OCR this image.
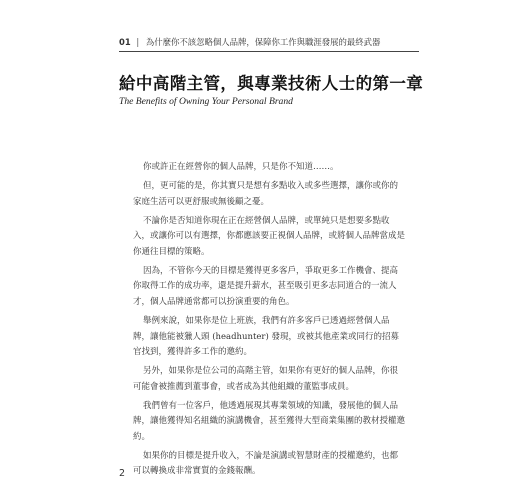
01 | 為什麼你不該忽略個人品牌，保障你工作與職涯發展的最終武器
給中高階主管，與專業技術人士的第一章
The Benefits of Owning Your Personal Brand

你或許正在經營你的個人品牌，只是你不知道……。

但，更可能的是，你其實只是想有多點收入或多些選擇，讓你或你的家庭生活可以更舒服或無後顧之憂。

不論你是否知道你現在正在經營個人品牌，或單純只是想要多點收入，或讓你可以有選擇，你都應該要正視個人品牌，或將個人品牌當成是你通往目標的策略。

因為，不管你今天的目標是獲得更多客戶，爭取更多工作機會、提高你取得工作的成功率，還是提升薪水，甚至吸引更多志同道合的一流人才，個人品牌通常都可以扮演重要的角色。

舉例來說，如果你是位上班族，我們有許多客戶已透過經營個人品牌，讓他能被獵人頭 (headhunter) 發現，或被其他產業或同行的招募官找到，獲得許多工作的邀約。

另外，如果你是位公司的高階主管，如果你有更好的個人品牌，你很可能會被推薦到董事會，或者成為其他組織的董監事成員。

我們曾有一位客戶，他透過展現其專業領域的知識，發展他的個人品牌，讓他獲得知名組織的演講機會，甚至獲得大型商業集團的教材授權邀約。

如果你的目標是提升收入，不論是演講或智慧財產的授權邀約，也都可以轉換成非常實質的金錢報酬。

2
